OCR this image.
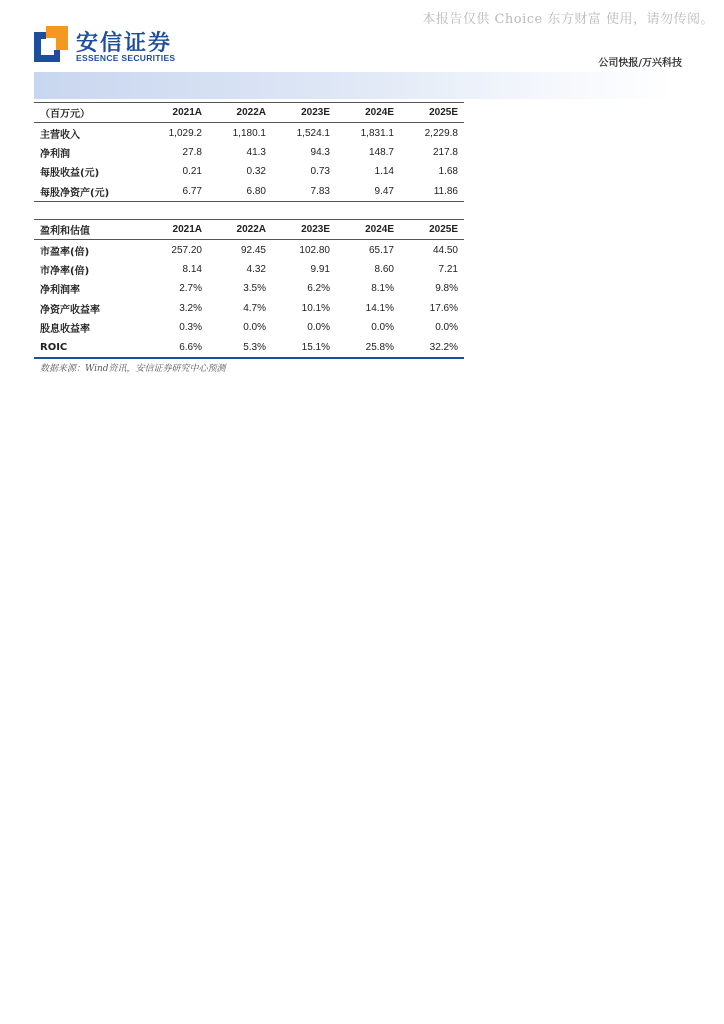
本报告仅供 Choice 东方财富 使用，请勿传阅。
安信证券
ESSENCE SECURITIES	公司快报/万兴科技
（百万元）	2021A	2022A	2023E	2024E	2025E
主营收入	1,029.2	1,180.1	1,524.1	1,831.1	2,229.8
净利润	27.8	41.3	94.3	148.7	217.8
每股收益(元)	0.21	0.32	0.73	1.14	1.68
每股净资产(元)	6.77	6.80	7.83	9.47	11.86
盈利和估值	2021A	2022A	2023E	2024E	2025E
市盈率(倍)	257.20	92.45	102.80	65.17	44.50
市净率(倍)	8.14	4.32	9.91	8.60	7.21
净利润率	2.7%	3.5%	6.2%	8.1%	9.8%
净资产收益率	3.2%	4.7%	10.1%	14.1%	17.6%
股息收益率	0.3%	0.0%	0.0%	0.0%	0.0%
ROIC	6.6%	5.3%	15.1%	25.8%	32.2%
数据来源：Wind资讯，安信证券研究中心预测
